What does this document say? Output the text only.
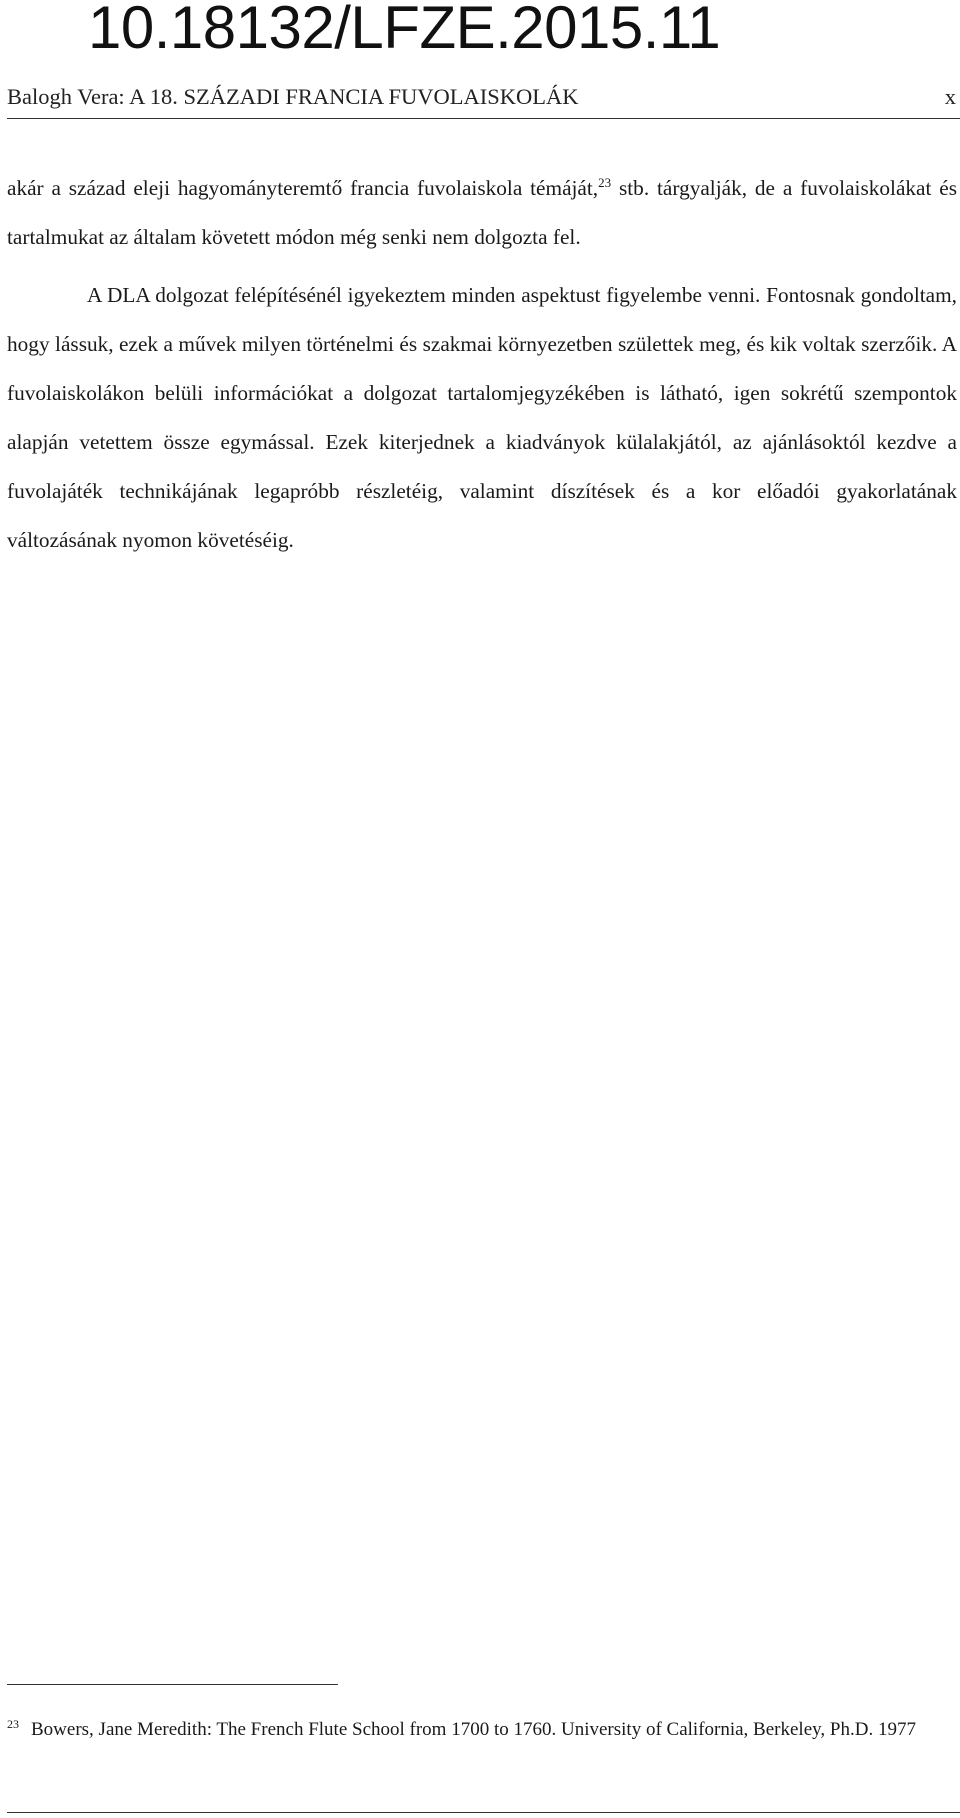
10.18132/LFZE.2015.11
Balogh Vera: A 18. SZÁZADI FRANCIA FUVOLAISKOLÁK	x

akár a század eleji hagyományteremtő francia fuvolaiskola témáját,$^{23}$ stb. tárgyalják, de a fuvolaiskolákat és tartalmukat az általam követett módon még senki nem dolgozta fel.

A DLA dolgozat felépítésénél igyekeztem minden aspektust figyelembe venni. Fontosnak gondoltam, hogy lássuk, ezek a művek milyen történelmi és szakmai környezetben születtek meg, és kik voltak szerzőik. A fuvolaiskolákon belüli információkat a dolgozat tartalomjegyzékében is látható, igen sokrétű szempontok alapján vetettem össze egymással. Ezek kiterjednek a kiadványok külalakjától, az ajánlásoktól kezdve a fuvolajáték technikájának legapróbb részletéig, valamint díszítések és a kor előadói gyakorlatának változásának nyomon követéséig.

$^{23}$ Bowers, Jane Meredith: The French Flute School from 1700 to 1760. University of California, Berkeley, Ph.D. 1977
